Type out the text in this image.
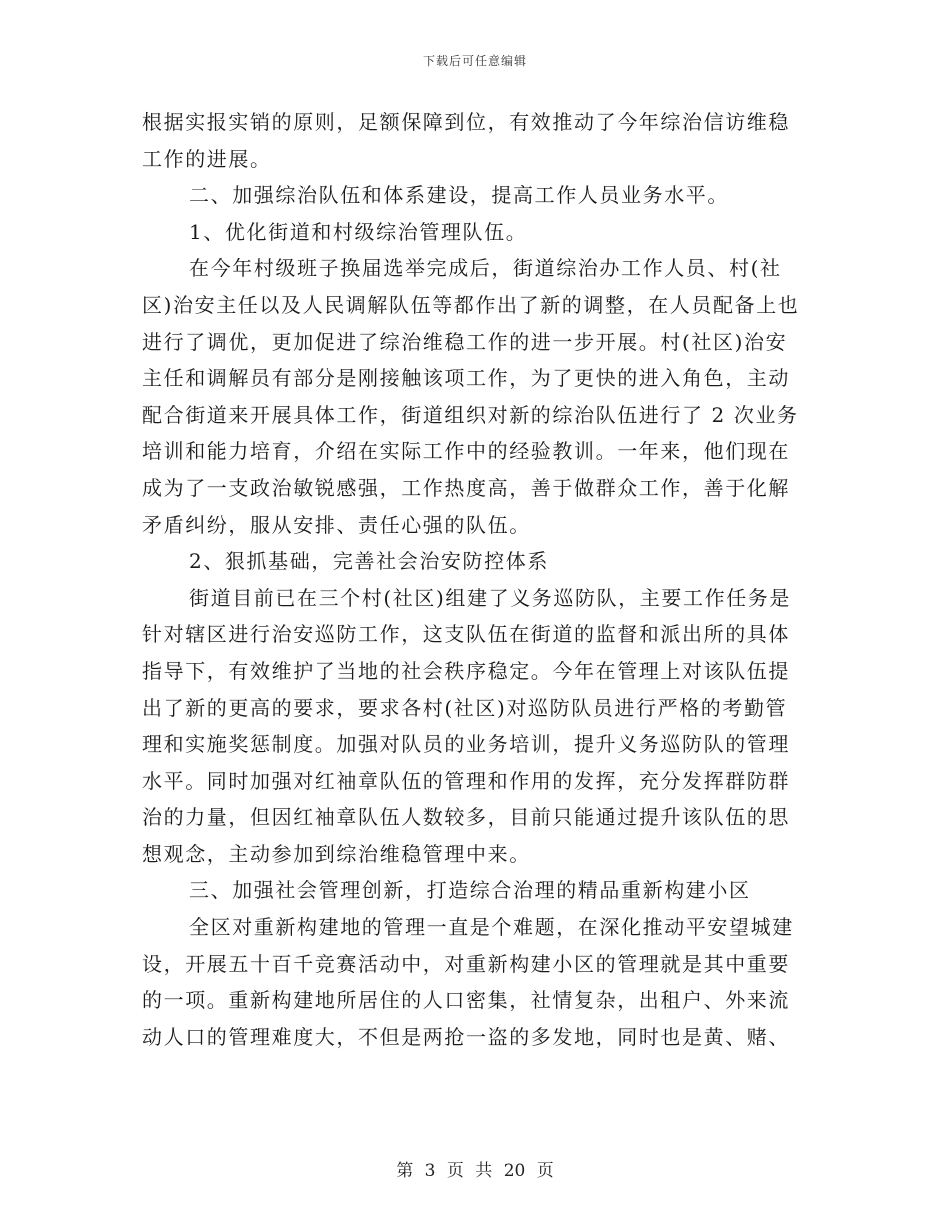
下载后可任意编辑
根据实报实销的原则，足额保障到位，有效推动了今年综治信访维稳
工作的进展。
二、加强综治队伍和体系建设，提高工作人员业务水平。
1、优化街道和村级综治管理队伍。
在今年村级班子换届选举完成后，街道综治办工作人员、村(社
区)治安主任以及人民调解队伍等都作出了新的调整，在人员配备上也
进行了调优，更加促进了综治维稳工作的进一步开展。村(社区)治安
主任和调解员有部分是刚接触该项工作，为了更快的进入角色，主动
配合街道来开展具体工作，街道组织对新的综治队伍进行了 2 次业务
培训和能力培育，介绍在实际工作中的经验教训。一年来，他们现在
成为了一支政治敏锐感强，工作热度高，善于做群众工作，善于化解
矛盾纠纷，服从安排、责任心强的队伍。
2、狠抓基础，完善社会治安防控体系
街道目前已在三个村(社区)组建了义务巡防队，主要工作任务是
针对辖区进行治安巡防工作，这支队伍在街道的监督和派出所的具体
指导下，有效维护了当地的社会秩序稳定。今年在管理上对该队伍提
出了新的更高的要求，要求各村(社区)对巡防队员进行严格的考勤管
理和实施奖惩制度。加强对队员的业务培训，提升义务巡防队的管理
水平。同时加强对红袖章队伍的管理和作用的发挥，充分发挥群防群
治的力量，但因红袖章队伍人数较多，目前只能通过提升该队伍的思
想观念，主动参加到综治维稳管理中来。
三、加强社会管理创新，打造综合治理的精品重新构建小区
全区对重新构建地的管理一直是个难题，在深化推动平安望城建
设，开展五十百千竞赛活动中，对重新构建小区的管理就是其中重要
的一项。重新构建地所居住的人口密集，社情复杂，出租户、外来流
动人口的管理难度大，不但是两抢一盗的多发地，同时也是黄、赌、
第 3 页 共 20 页
